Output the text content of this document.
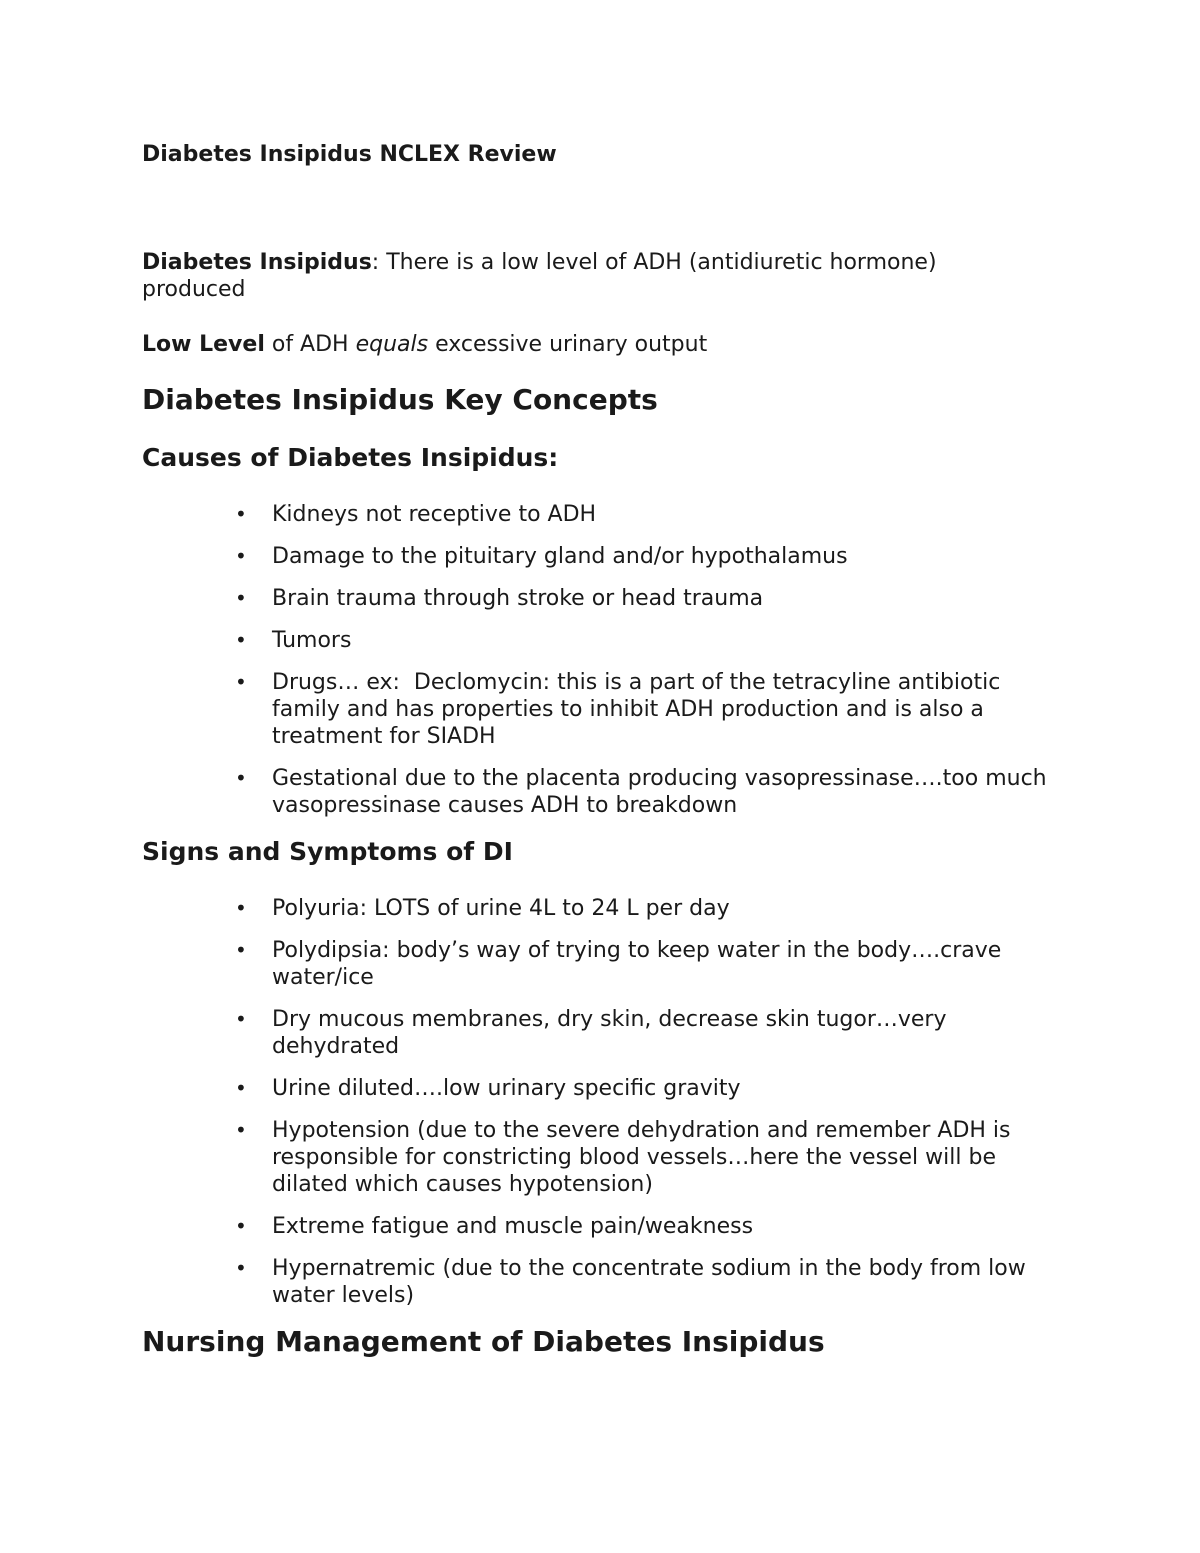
Diabetes Insipidus NCLEX Review

Diabetes Insipidus: There is a low level of ADH (antidiuretic hormone) produced

Low Level of ADH equals excessive urinary output

Diabetes Insipidus Key Concepts
Causes of Diabetes Insipidus:
• Kidneys not receptive to ADH
• Damage to the pituitary gland and/or hypothalamus
• Brain trauma through stroke or head trauma
• Tumors
• Drugs… ex:  Declomycin: this is a part of the tetracyline antibiotic family and has properties to inhibit ADH production and is also a treatment for SIADH
• Gestational due to the placenta producing vasopressinase….too much vasopressinase causes ADH to breakdown
Signs and Symptoms of DI
• Polyuria: LOTS of urine 4L to 24 L per day
• Polydipsia: body’s way of trying to keep water in the body….crave water/ice
• Dry mucous membranes, dry skin, decrease skin tugor…very dehydrated
• Urine diluted….low urinary specific gravity
• Hypotension (due to the severe dehydration and remember ADH is responsible for constricting blood vessels…here the vessel will be dilated which causes hypotension)
• Extreme fatigue and muscle pain/weakness
• Hypernatremic (due to the concentrate sodium in the body from low water levels)
Nursing Management of Diabetes Insipidus
